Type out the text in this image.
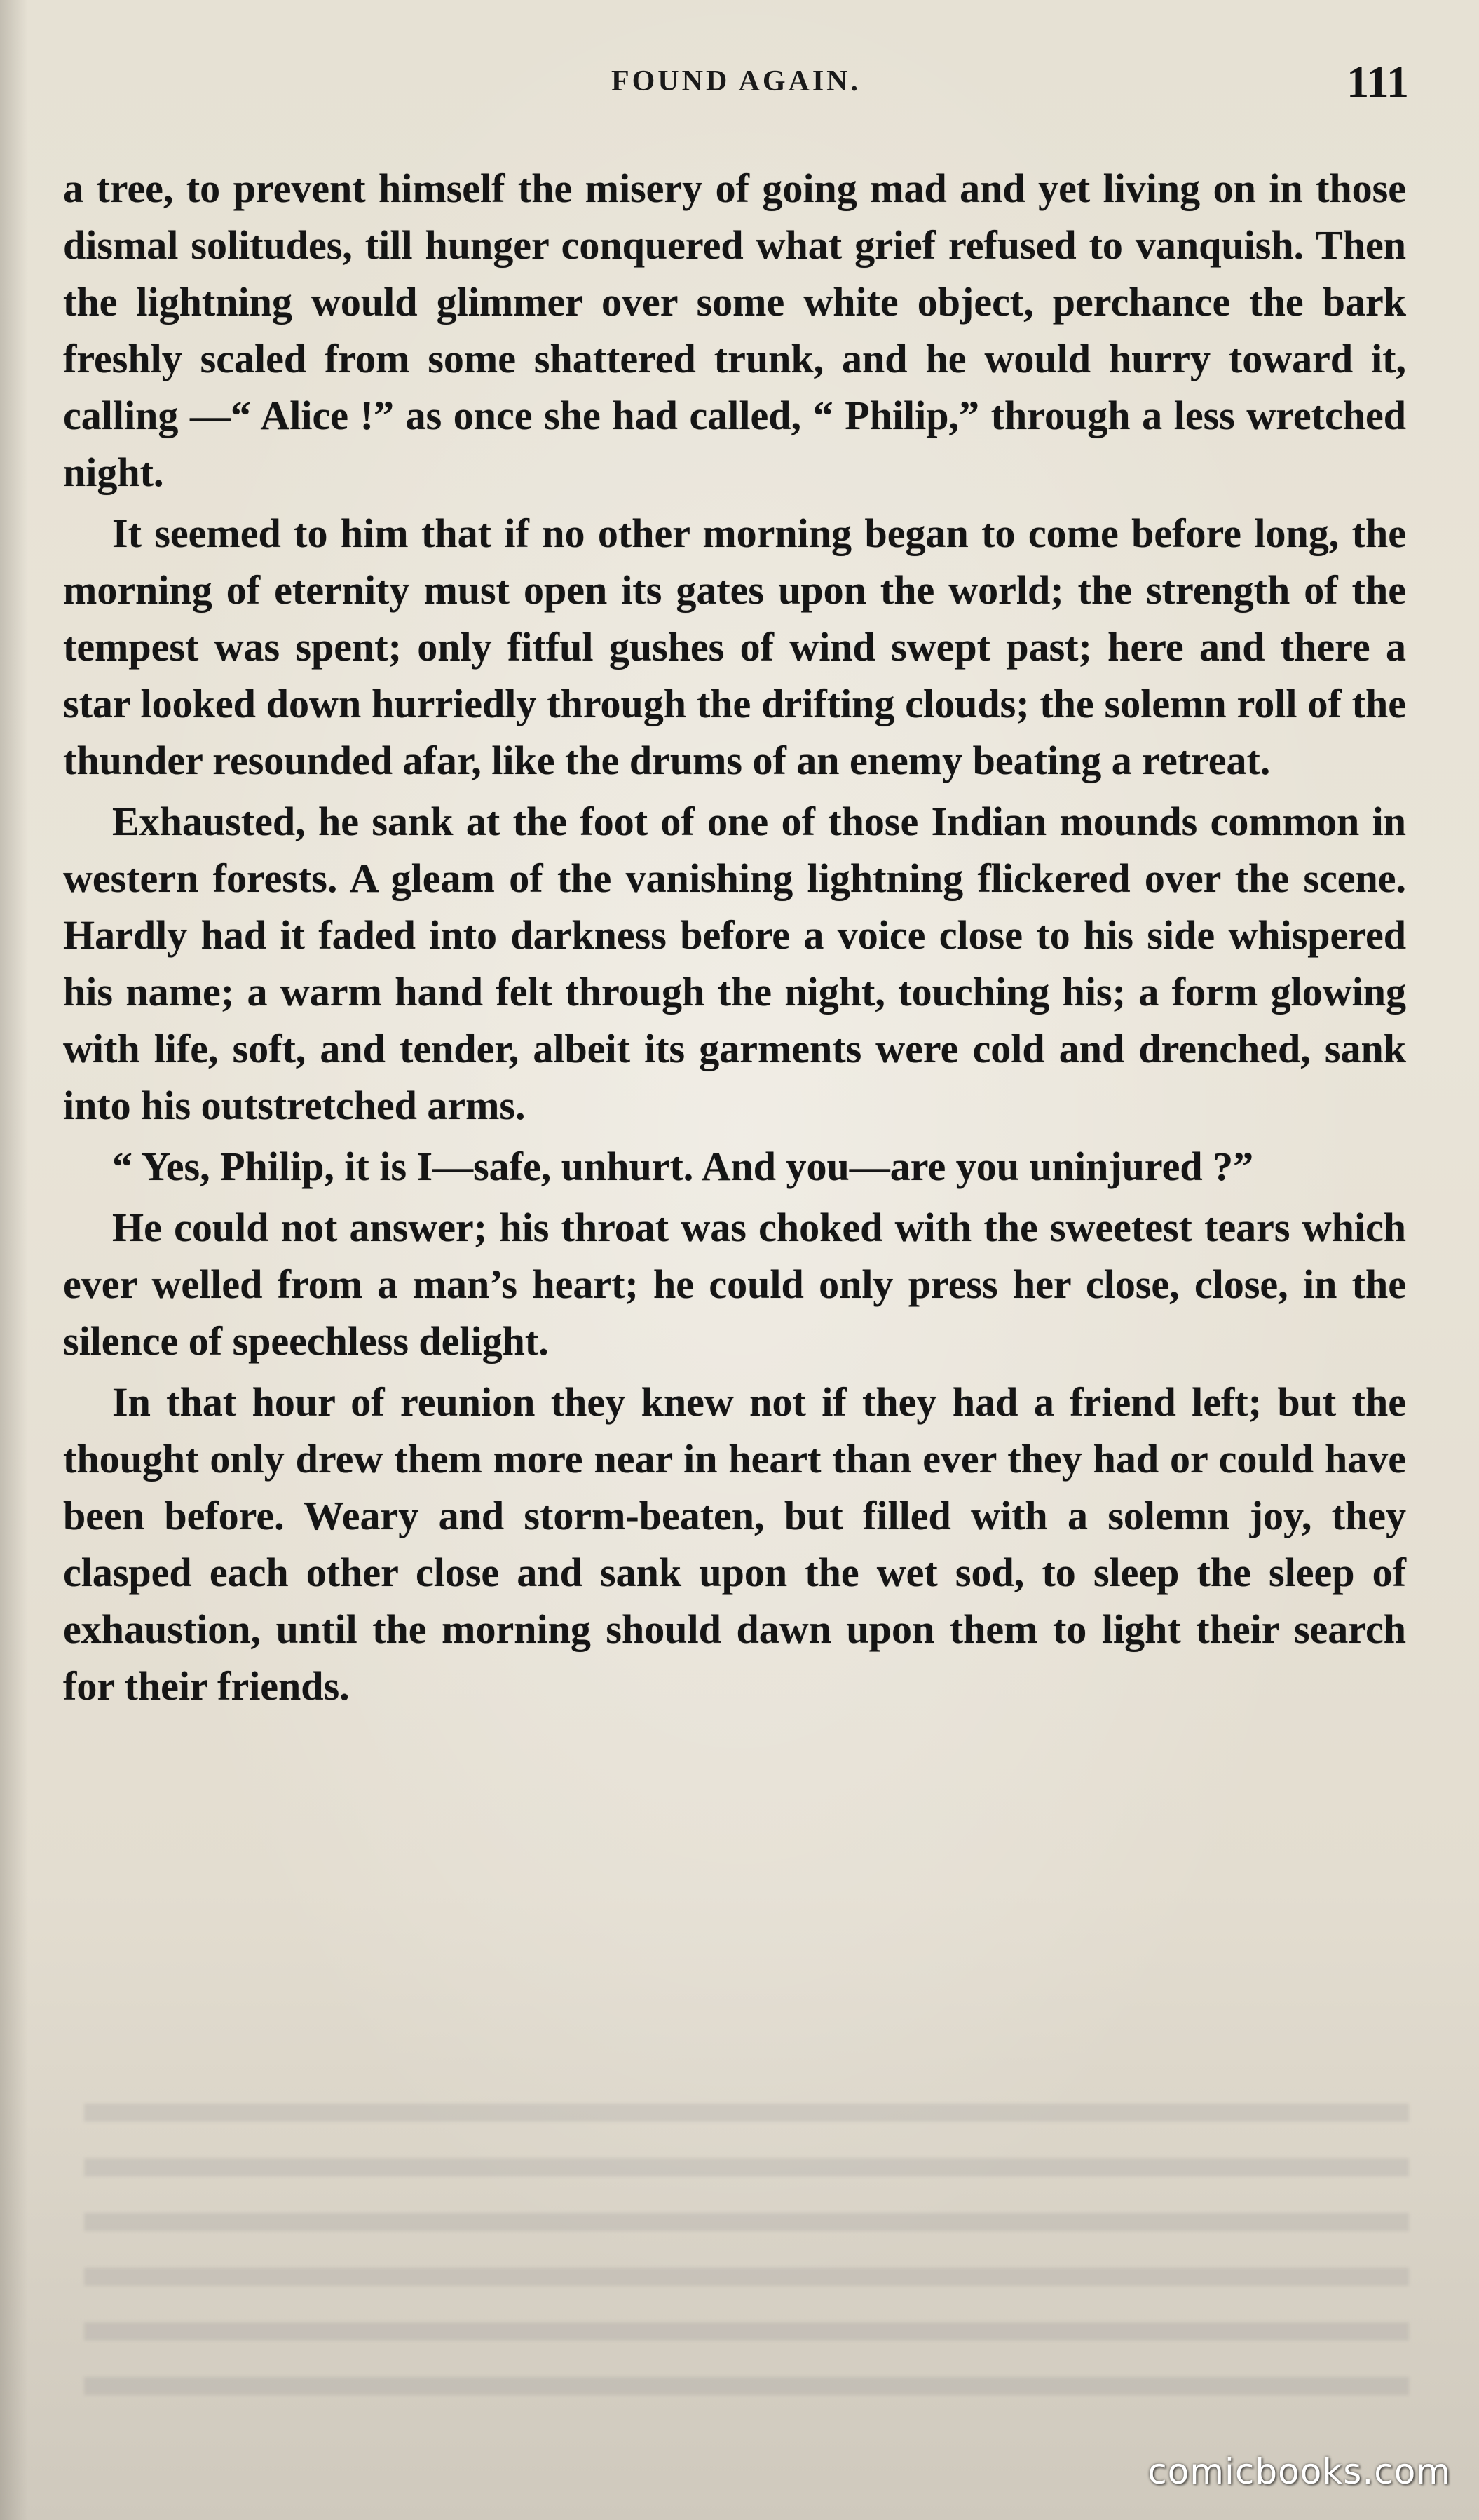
FOUND AGAIN.	111

a tree, to prevent himself the misery of going mad and yet living on in those dismal solitudes, till hunger conquered what grief refused to vanquish. Then the lightning would glimmer over some white object, perchance the bark freshly scaled from some shattered trunk, and he would hurry toward it, calling —“ Alice !” as once she had called, “ Philip,” through a less wretched night.

It seemed to him that if no other morning began to come before long, the morning of eternity must open its gates upon the world; the strength of the tempest was spent; only fitful gushes of wind swept past; here and there a star looked down hurriedly through the drifting clouds; the solemn roll of the thunder resounded afar, like the drums of an enemy beating a retreat.

Exhausted, he sank at the foot of one of those Indian mounds common in western forests. A gleam of the vanishing lightning flickered over the scene. Hardly had it faded into darkness before a voice close to his side whispered his name; a warm hand felt through the night, touching his; a form glowing with life, soft, and tender, albeit its garments were cold and drenched, sank into his outstretched arms.

“ Yes, Philip, it is I—safe, unhurt. And you—are you uninjured ?”

He could not answer; his throat was choked with the sweetest tears which ever welled from a man’s heart; he could only press her close, close, in the silence of speechless delight.

In that hour of reunion they knew not if they had a friend left; but the thought only drew them more near in heart than ever they had or could have been before. Weary and storm-beaten, but filled with a solemn joy, they clasped each other close and sank upon the wet sod, to sleep the sleep of exhaustion, until the morning should dawn upon them to light their search for their friends.

comicbooks.com
